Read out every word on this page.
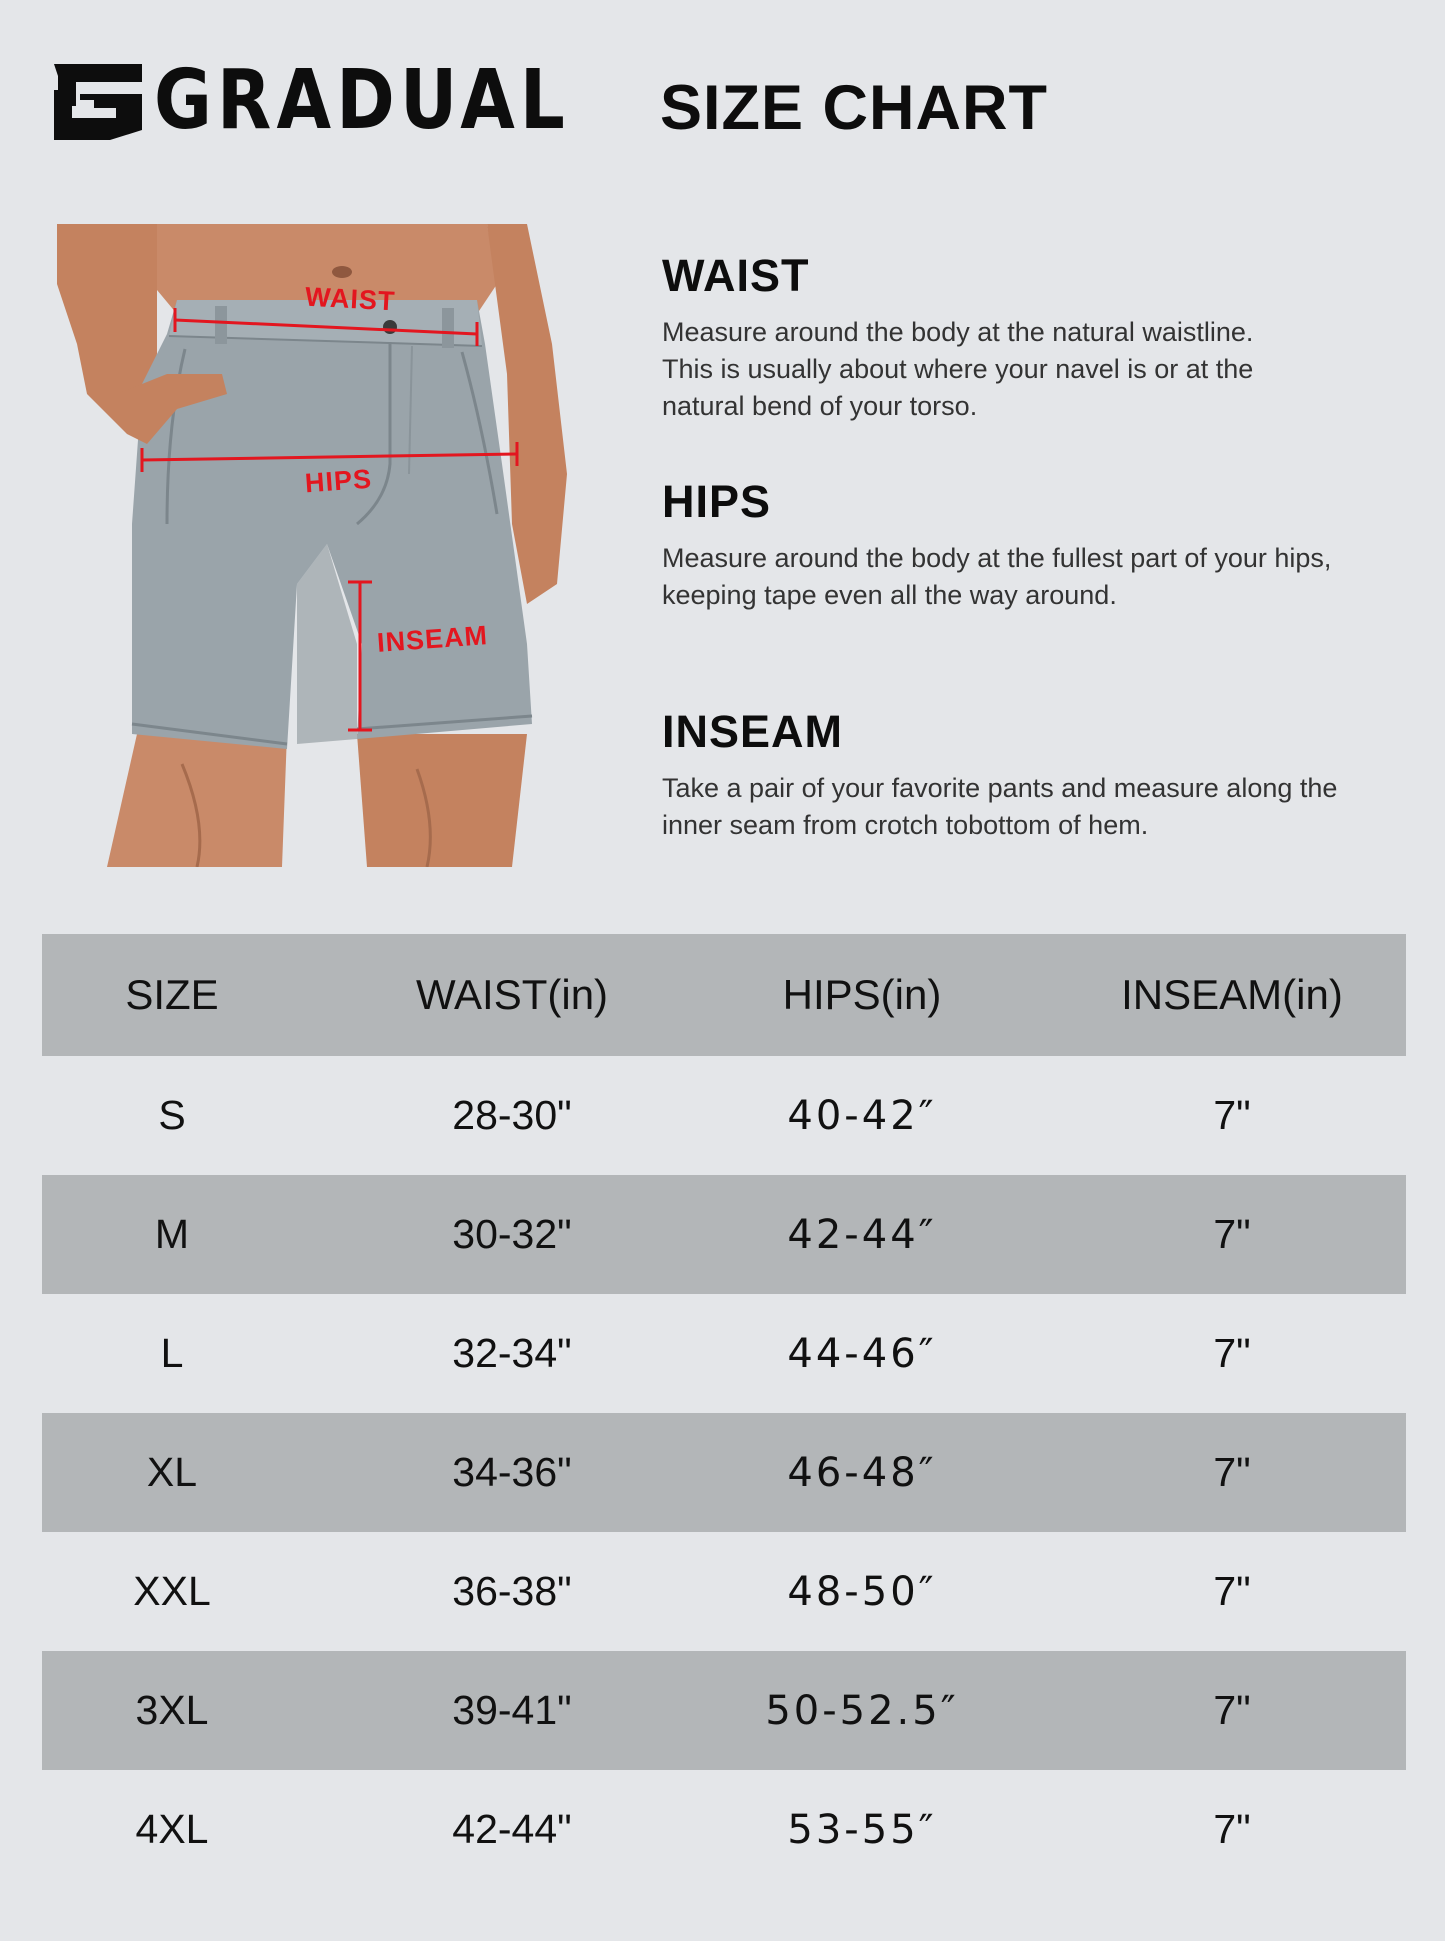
GRADUAL SIZE CHART
WAIST
HIPS
INSEAM
WAIST

Measure around the body at the natural waistline.
This is usually about where your navel is or at the
natural bend of your torso.

HIPS

Measure around the body at the fullest part of your hips,
keeping tape even all the way around.

INSEAM

Take a pair of your favorite pants and measure along the
inner seam from crotch tobottom of hem.

SIZE	WAIST(in)	HIPS(in)	INSEAM(in)
S	28-30"	40-42″	7"
M	30-32"	42-44″	7"
L	32-34"	44-46″	7"
XL	34-36"	46-48″	7"
XXL	36-38"	48-50″	7"
3XL	39-41"	50-52.5″	7"
4XL	42-44"	53-55″	7"
